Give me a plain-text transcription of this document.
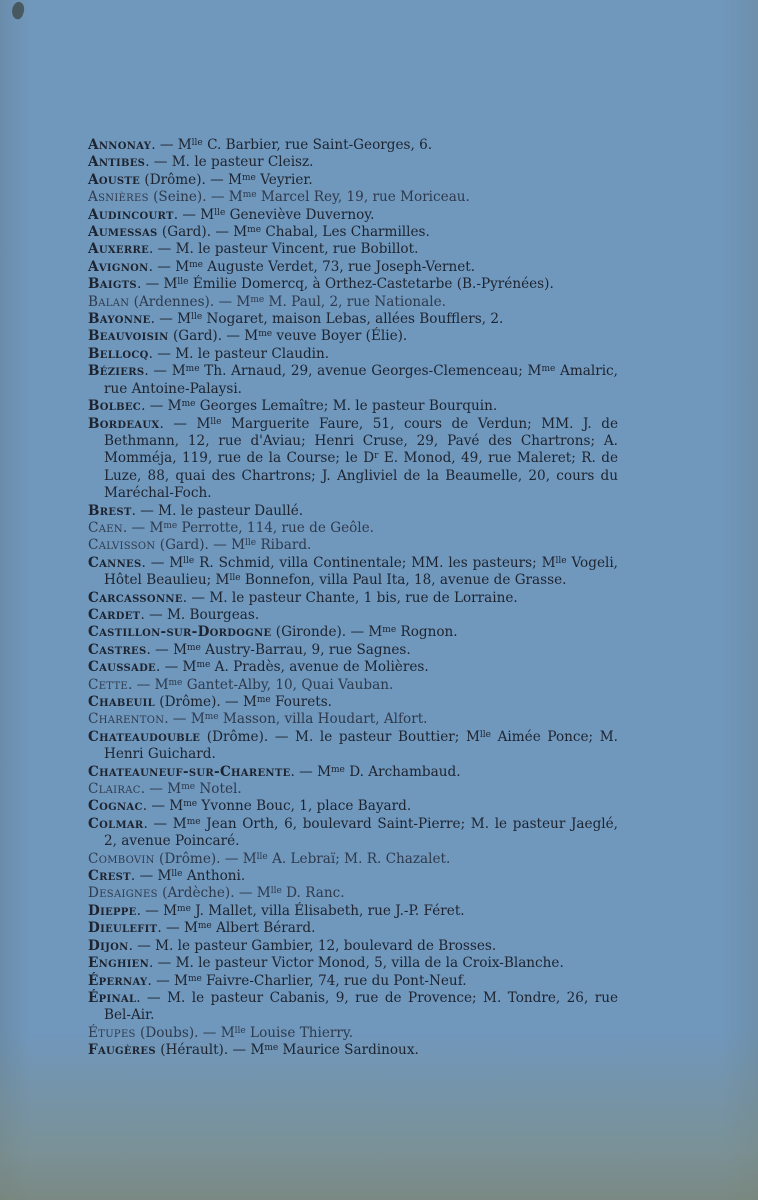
Annonay. — $M^{lle}$ C. Barbier, rue Saint-Georges, 6.
Antibes. — M. le pasteur Cleisz.
Aouste (Drôme). — $M^{me}$ Veyrier.
Asnières (Seine). — $M^{me}$ Marcel Rey, 19, rue Moriceau.
Audincourt. — $M^{lle}$ Geneviève Duvernoy.
Aumessas (Gard). — $M^{me}$ Chabal, Les Charmilles.
Auxerre. — M. le pasteur Vincent, rue Bobillot.
Avignon. — $M^{me}$ Auguste Verdet, 73, rue Joseph-Vernet.
Baigts. — $M^{lle}$ Émilie Domercq, à Orthez-Castetarbe (B.-Pyrénées).
Balan (Ardennes). — $M^{me}$ M. Paul, 2, rue Nationale.
Bayonne. — $M^{lle}$ Nogaret, maison Lebas, allées Boufflers, 2.
Beauvoisin (Gard). — $M^{me}$ veuve Boyer (Élie).
Bellocq. — M. le pasteur Claudin.
Béziers. — $M^{me}$ Th. Arnaud, 29, avenue Georges-Clemenceau; $M^{me}$ Amalric, rue Antoine-Palaysi.
Bolbec. — $M^{me}$ Georges Lemaître; M. le pasteur Bourquin.
Bordeaux. — $M^{lle}$ Marguerite Faure, 51, cours de Verdun; MM. J. de Bethmann, 12, rue d'Aviau; Henri Cruse, 29, Pavé des Chartrons; A. Momméja, 119, rue de la Course; le $D^r$ E. Monod, 49, rue Maleret; R. de Luze, 88, quai des Chartrons; J. Angliviel de la Beaumelle, 20, cours du Maréchal-Foch.
Brest. — M. le pasteur Daullé.
Caen. — $M^{me}$ Perrotte, 114, rue de Geôle.
Calvisson (Gard). — $M^{lle}$ Ribard.
Cannes. — $M^{lle}$ R. Schmid, villa Continentale; MM. les pasteurs; $M^{lle}$ Vogeli, Hôtel Beaulieu; $M^{lle}$ Bonnefon, villa Paul Ita, 18, avenue de Grasse.
Carcassonne. — M. le pasteur Chante, 1 bis, rue de Lorraine.
Cardet. — M. Bourgeas.
Castillon-sur-Dordogne (Gironde). — $M^{me}$ Rognon.
Castres. — $M^{me}$ Austry-Barrau, 9, rue Sagnes.
Caussade. — $M^{me}$ A. Pradès, avenue de Molières.
Cette. — $M^{me}$ Gantet-Alby, 10, Quai Vauban.
Chabeuil (Drôme). — $M^{me}$ Fourets.
Charenton. — $M^{me}$ Masson, villa Houdart, Alfort.
Chateaudouble (Drôme). — M. le pasteur Bouttier; $M^{lle}$ Aimée Ponce; M. Henri Guichard.
Chateauneuf-sur-Charente. — $M^{me}$ D. Archambaud.
Clairac. — $M^{me}$ Notel.
Cognac. — $M^{me}$ Yvonne Bouc, 1, place Bayard.
Colmar. — $M^{me}$ Jean Orth, 6, boulevard Saint-Pierre; M. le pasteur Jaeglé, 2, avenue Poincaré.
Combovin (Drôme). — $M^{lle}$ A. Lebraï; M. R. Chazalet.
Crest. — $M^{lle}$ Anthoni.
Desaignes (Ardèche). — $M^{lle}$ D. Ranc.
Dieppe. — $M^{me}$ J. Mallet, villa Élisabeth, rue J.-P. Féret.
Dieulefit. — $M^{me}$ Albert Bérard.
Dijon. — M. le pasteur Gambier, 12, boulevard de Brosses.
Enghien. — M. le pasteur Victor Monod, 5, villa de la Croix-Blanche.
Épernay. — $M^{me}$ Faivre-Charlier, 74, rue du Pont-Neuf.
Épinal. — M. le pasteur Cabanis, 9, rue de Provence; M. Tondre, 26, rue Bel-Air.
Étupes (Doubs). — $M^{lle}$ Louise Thierry.
Faugères (Hérault). — $M^{me}$ Maurice Sardinoux.
